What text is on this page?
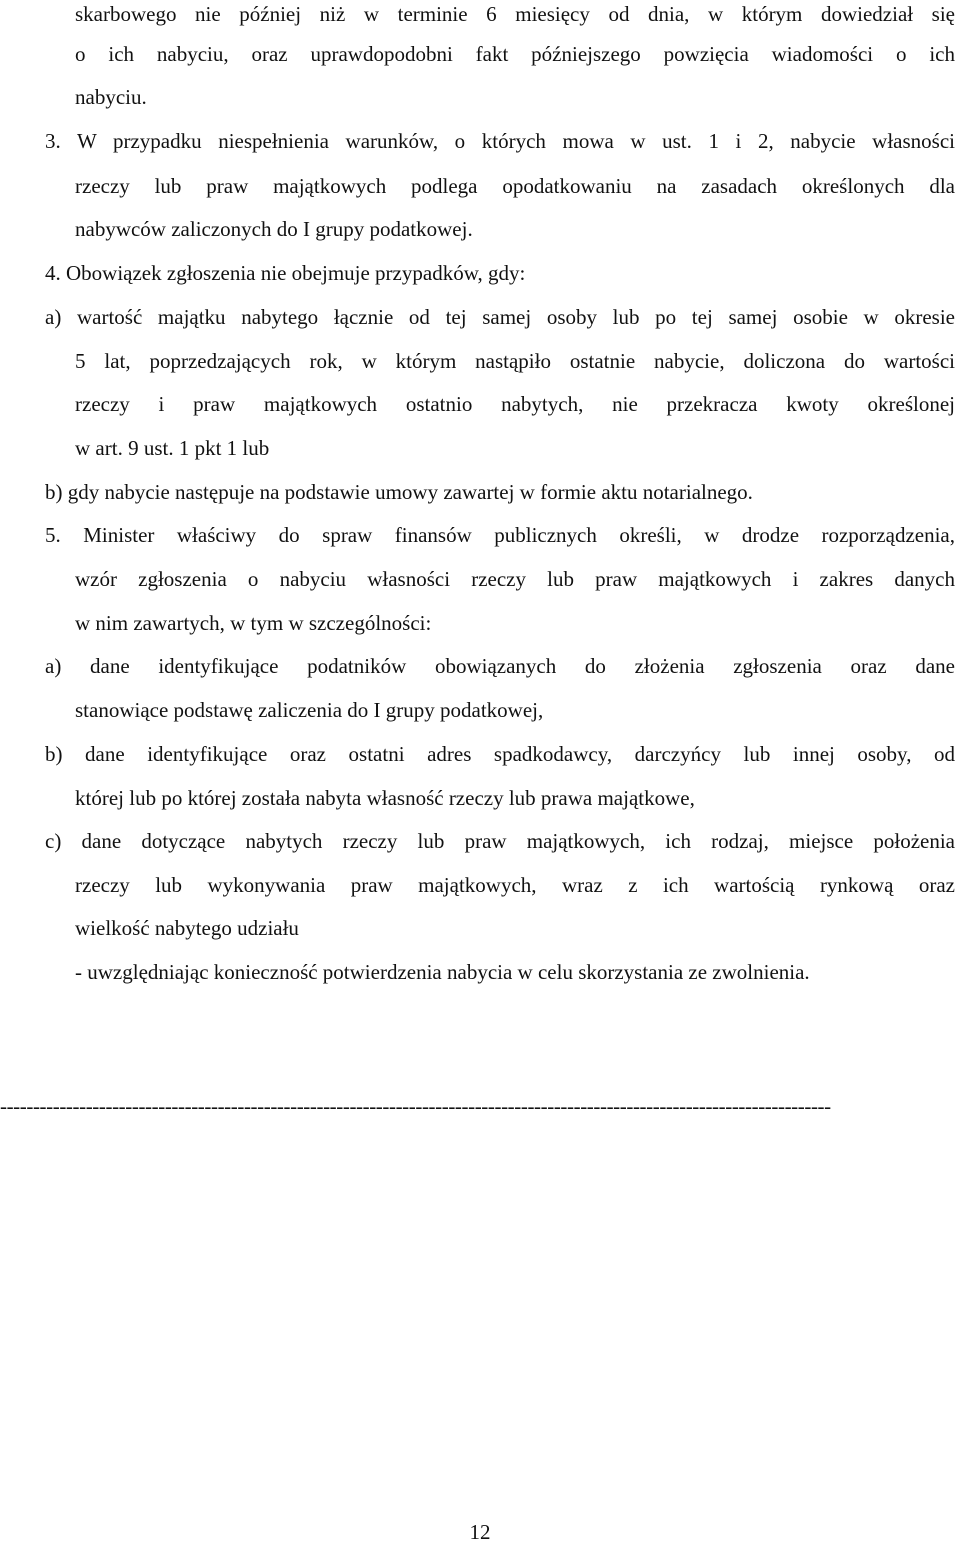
skarbowego nie później niż w terminie 6 miesięcy od dnia, w którym dowiedział się
o ich nabyciu, oraz uprawdopodobni fakt późniejszego powzięcia wiadomości o ich
nabyciu.
3. W przypadku niespełnienia warunków, o których mowa w ust. 1 i 2, nabycie własności
rzeczy lub praw majątkowych podlega opodatkowaniu na zasadach określonych dla
nabywców zaliczonych do I grupy podatkowej.
4. Obowiązek zgłoszenia nie obejmuje przypadków, gdy:
a) wartość majątku nabytego łącznie od tej samej osoby lub po tej samej osobie w okresie
5 lat, poprzedzających rok, w którym nastąpiło ostatnie nabycie, doliczona do wartości
rzeczy i praw majątkowych ostatnio nabytych, nie przekracza kwoty określonej
w art. 9 ust. 1 pkt 1 lub
b) gdy nabycie następuje na podstawie umowy zawartej w formie aktu notarialnego.
5. Minister właściwy do spraw finansów publicznych określi, w drodze rozporządzenia,
wzór zgłoszenia o nabyciu własności rzeczy lub praw majątkowych i zakres danych
w nim zawartych, w tym w szczególności:
a) dane identyfikujące podatników obowiązanych do złożenia zgłoszenia oraz dane
stanowiące podstawę zaliczenia do I grupy podatkowej,
b) dane identyfikujące oraz ostatni adres spadkodawcy, darczyńcy lub innej osoby, od
której lub po której została nabyta własność rzeczy lub prawa majątkowe,
c) dane dotyczące nabytych rzeczy lub praw majątkowych, ich rodzaj, miejsce położenia
rzeczy lub wykonywania praw majątkowych, wraz z ich wartością rynkową oraz
wielkość nabytego udziału
- uwzględniając konieczność potwierdzenia nabycia w celu skorzystania ze zwolnienia.
------------------------------------------------------------------------------------------------------------------------------
12
